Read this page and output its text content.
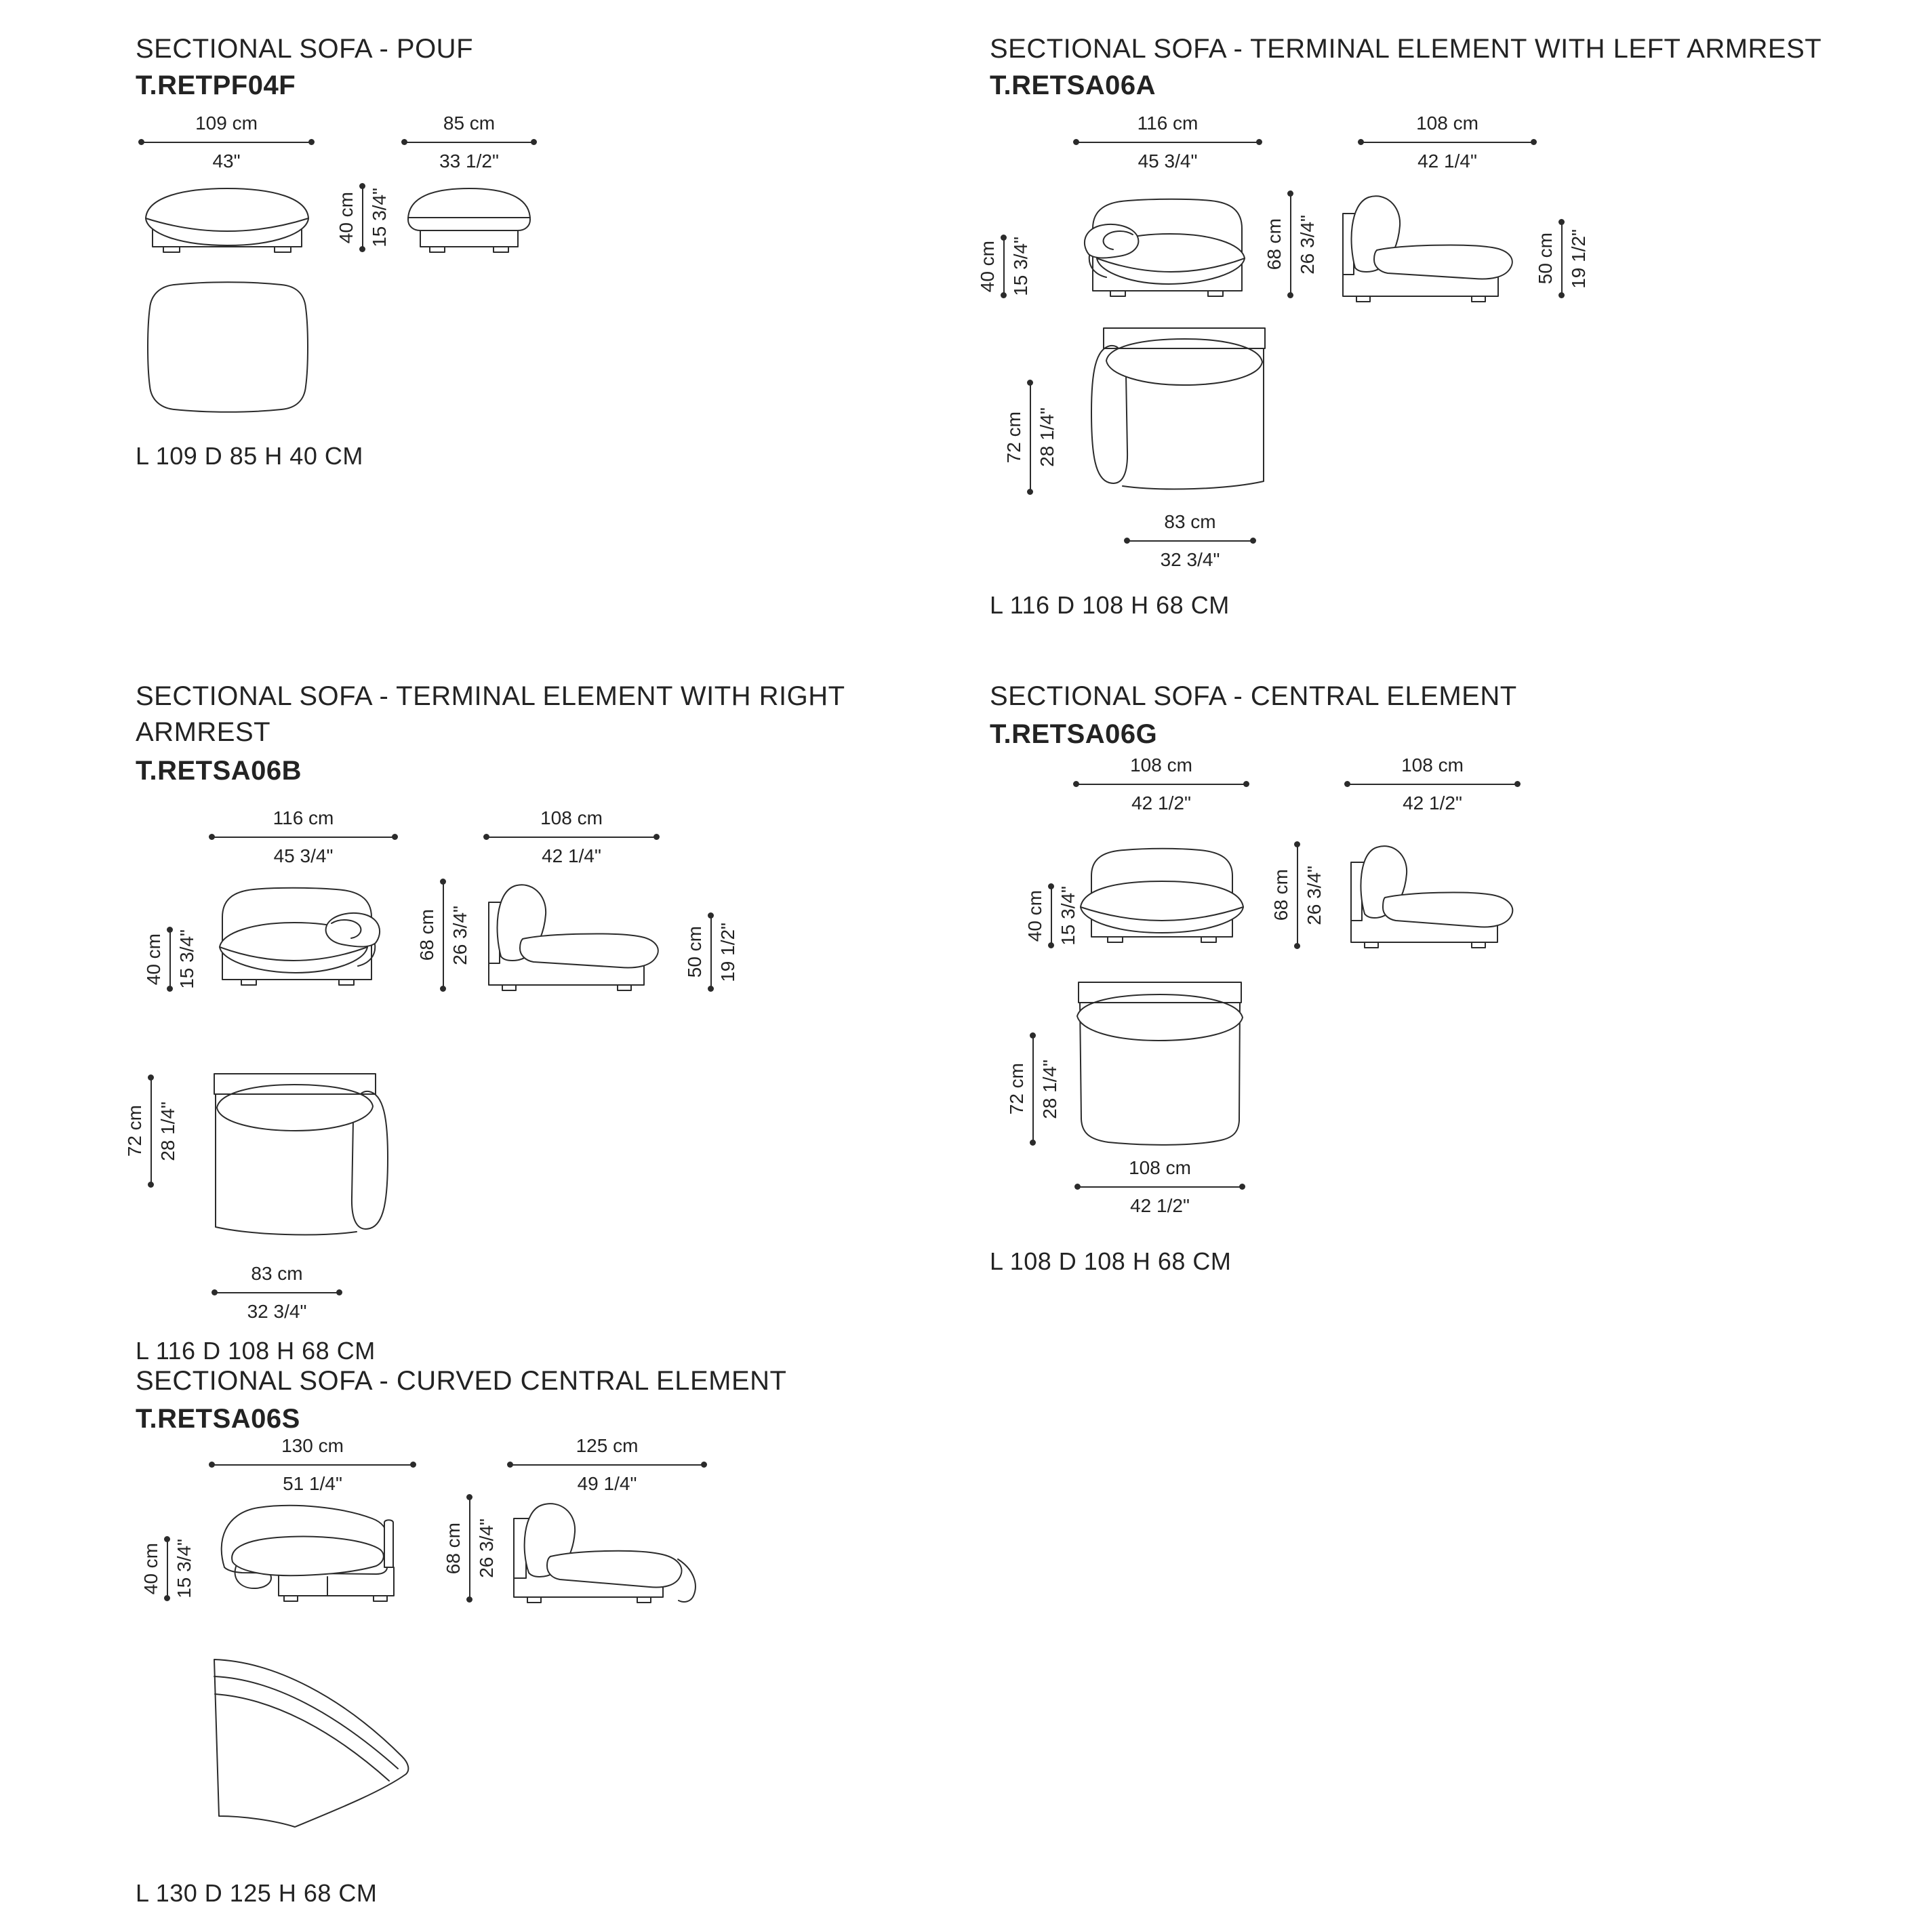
SECTIONAL SOFA - POUF
T.RETPF04F
109 cm
43"
85 cm
33 1/2"
40 cm 15 3/4"
L 109 D 85 H 40 CM
SECTIONAL SOFA - TERMINAL ELEMENT WITH LEFT ARMREST
T.RETSA06A
116 cm
45 3/4"
108 cm
42 1/4"
40 cm 15 3/4"	68 cm 26 3/4"	50 cm 19 1/2"
72 cm 28 1/4"
83 cm
32 3/4"
L 116 D 108 H 68 CM
SECTIONAL SOFA - TERMINAL ELEMENT WITH RIGHT
ARMREST
T.RETSA06B
116 cm
45 3/4"
108 cm
42 1/4"
40 cm 15 3/4"	68 cm 26 3/4"	50 cm 19 1/2"
72 cm 28 1/4"
83 cm
32 3/4"
L 116 D 108 H 68 CM
SECTIONAL SOFA - CENTRAL ELEMENT
T.RETSA06G
108 cm
42 1/2"
108 cm
42 1/2"
40 cm 15 3/4"	68 cm 26 3/4"
72 cm 28 1/4"
108 cm
42 1/2"
L 108 D 108 H 68 CM
SECTIONAL SOFA - CURVED CENTRAL ELEMENT
T.RETSA06S
130 cm
51 1/4"
125 cm
49 1/4"
40 cm 15 3/4"	68 cm 26 3/4"
L 130 D 125 H 68 CM
